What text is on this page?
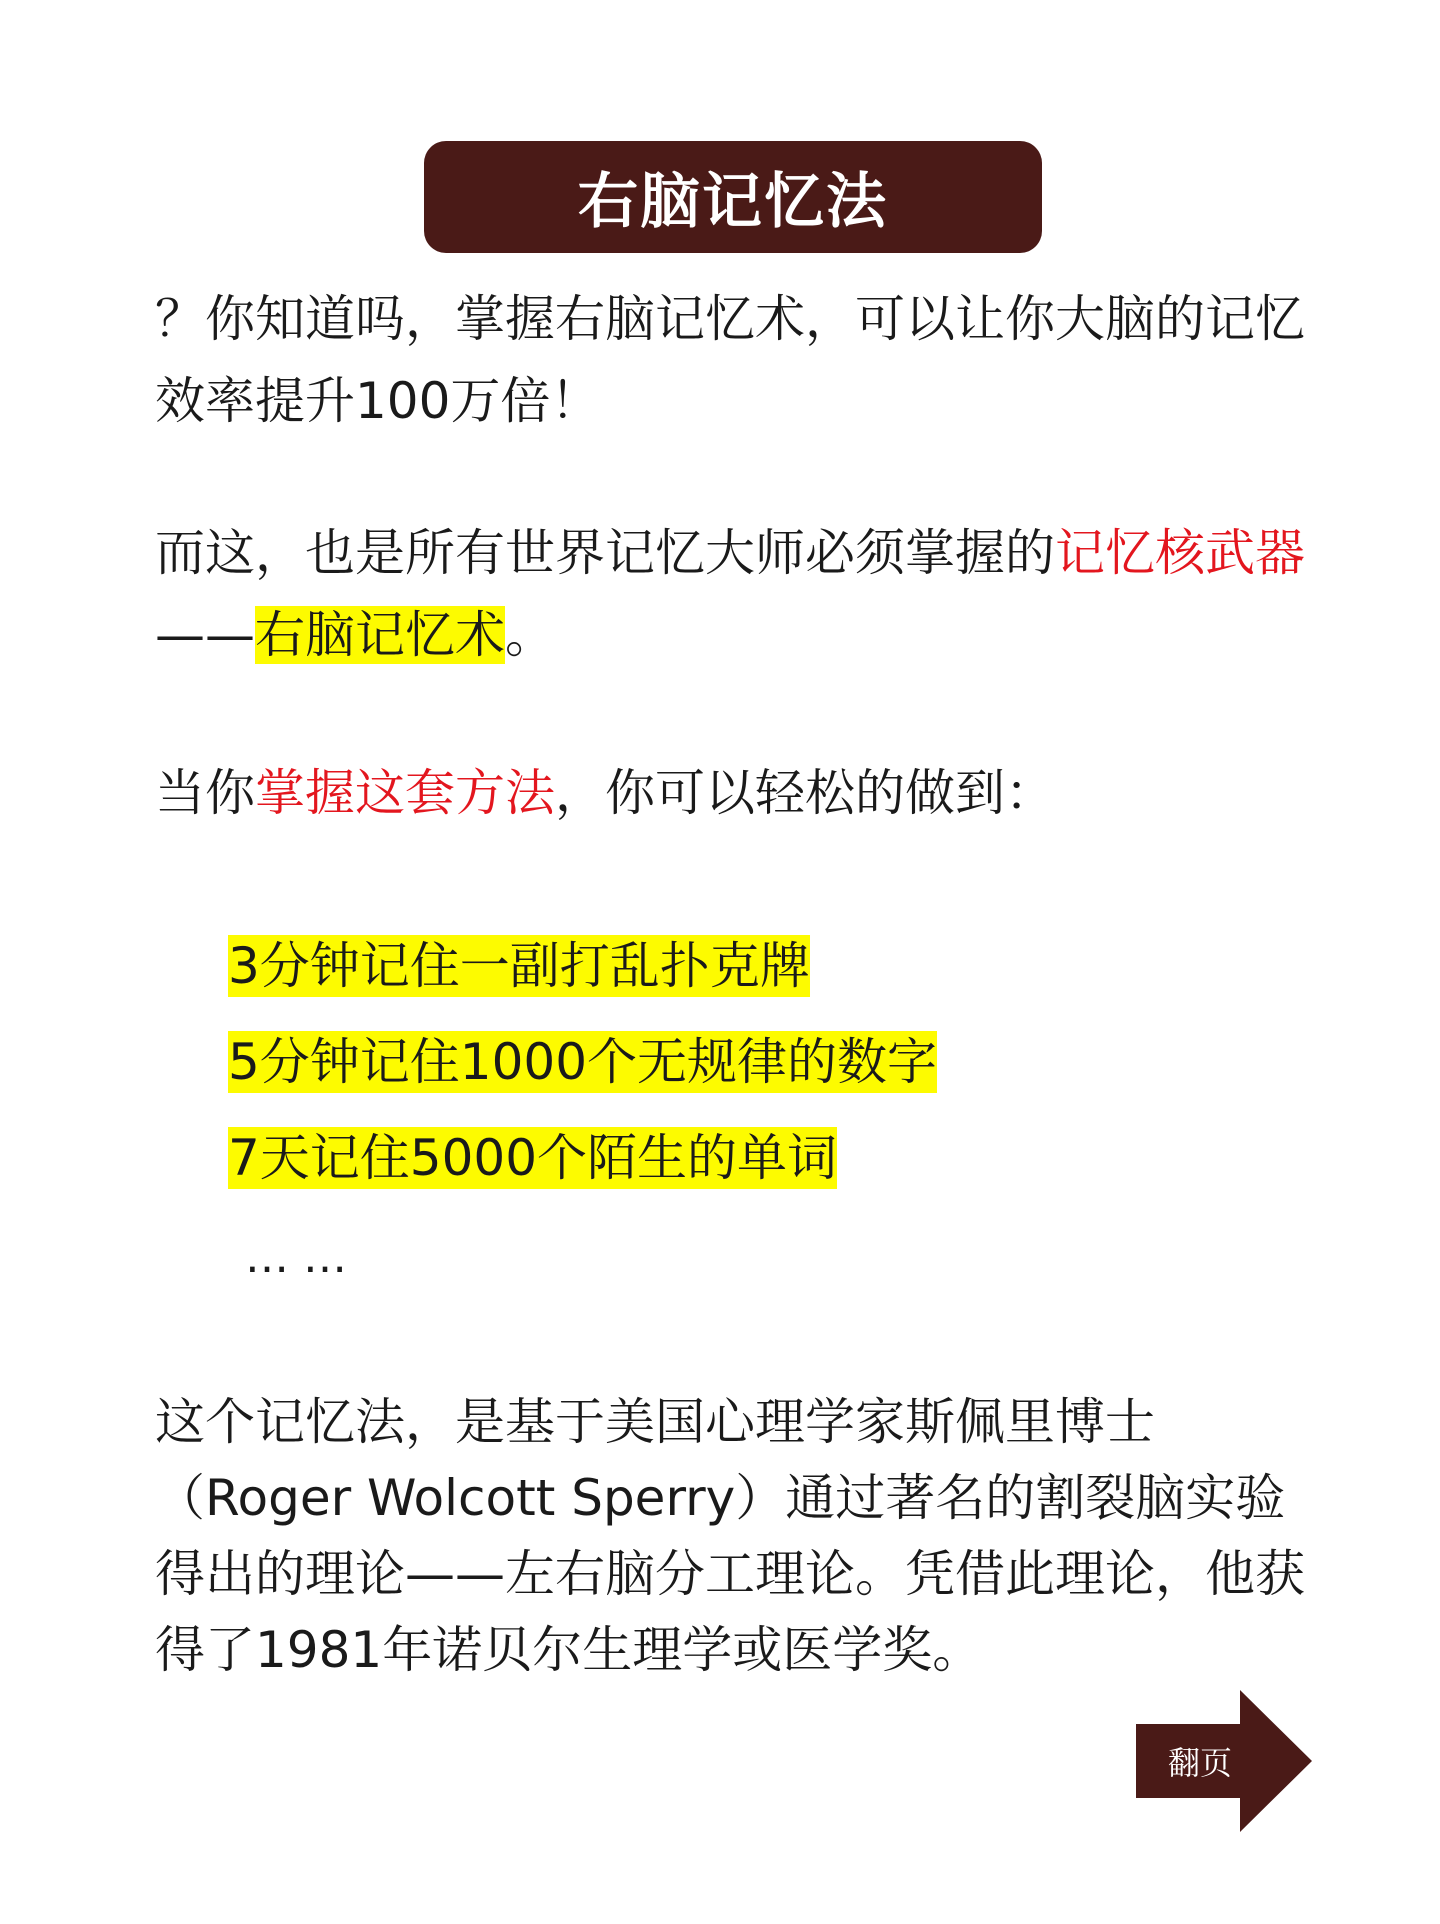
右脑记忆法

？你知道吗，掌握右脑记忆术，可以让你大脑的记忆效率提升100万倍！

而这，也是所有世界记忆大师必须掌握的记忆核武器——右脑记忆术。

当你掌握这套方法，你可以轻松的做到：

3分钟记住一副打乱扑克牌
5分钟记住1000个无规律的数字
7天记住5000个陌生的单词
……

这个记忆法，是基于美国心理学家斯佩里博士（Roger Wolcott Sperry）通过著名的割裂脑实验得出的理论——左右脑分工理论。凭借此理论，他获得了1981年诺贝尔生理学或医学奖。

翻页
